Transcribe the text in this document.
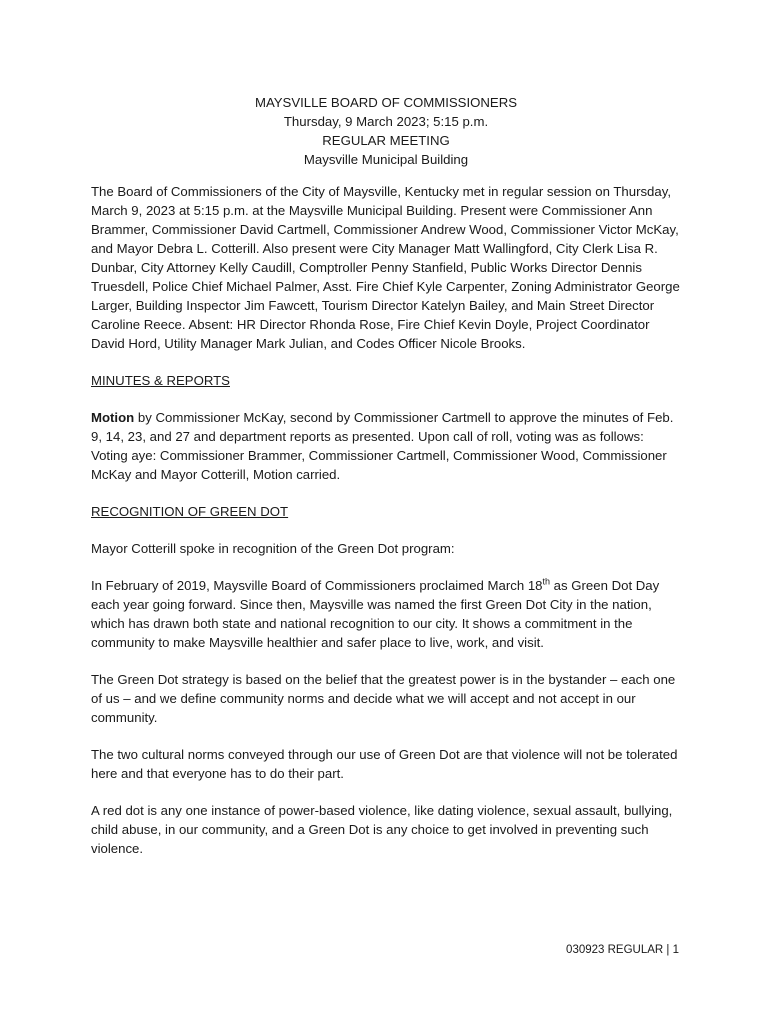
MAYSVILLE BOARD OF COMMISSIONERS
Thursday, 9 March 2023; 5:15 p.m.
REGULAR MEETING
Maysville Municipal Building

The Board of Commissioners of the City of Maysville, Kentucky met in regular session on Thursday, March 9, 2023 at 5:15 p.m. at the Maysville Municipal Building. Present were Commissioner Ann Brammer, Commissioner David Cartmell, Commissioner Andrew Wood, Commissioner Victor McKay, and Mayor Debra L. Cotterill. Also present were City Manager Matt Wallingford, City Clerk Lisa R. Dunbar, City Attorney Kelly Caudill, Comptroller Penny Stanfield, Public Works Director Dennis Truesdell, Police Chief Michael Palmer, Asst. Fire Chief Kyle Carpenter, Zoning Administrator George Larger, Building Inspector Jim Fawcett, Tourism Director Katelyn Bailey, and Main Street Director Caroline Reece. Absent: HR Director Rhonda Rose, Fire Chief Kevin Doyle, Project Coordinator David Hord, Utility Manager Mark Julian, and Codes Officer Nicole Brooks.

MINUTES & REPORTS

Motion by Commissioner McKay, second by Commissioner Cartmell to approve the minutes of Feb. 9, 14, 23, and 27 and department reports as presented. Upon call of roll, voting was as follows: Voting aye: Commissioner Brammer, Commissioner Cartmell, Commissioner Wood, Commissioner McKay and Mayor Cotterill, Motion carried.

RECOGNITION OF GREEN DOT

Mayor Cotterill spoke in recognition of the Green Dot program:

In February of 2019, Maysville Board of Commissioners proclaimed March 18th as Green Dot Day each year going forward. Since then, Maysville was named the first Green Dot City in the nation, which has drawn both state and national recognition to our city. It shows a commitment in the community to make Maysville healthier and safer place to live, work, and visit.

The Green Dot strategy is based on the belief that the greatest power is in the bystander – each one of us – and we define community norms and decide what we will accept and not accept in our community.

The two cultural norms conveyed through our use of Green Dot are that violence will not be tolerated here and that everyone has to do their part.

A red dot is any one instance of power-based violence, like dating violence, sexual assault, bullying, child abuse, in our community, and a Green Dot is any choice to get involved in preventing such violence.

030923 REGULAR | 1
